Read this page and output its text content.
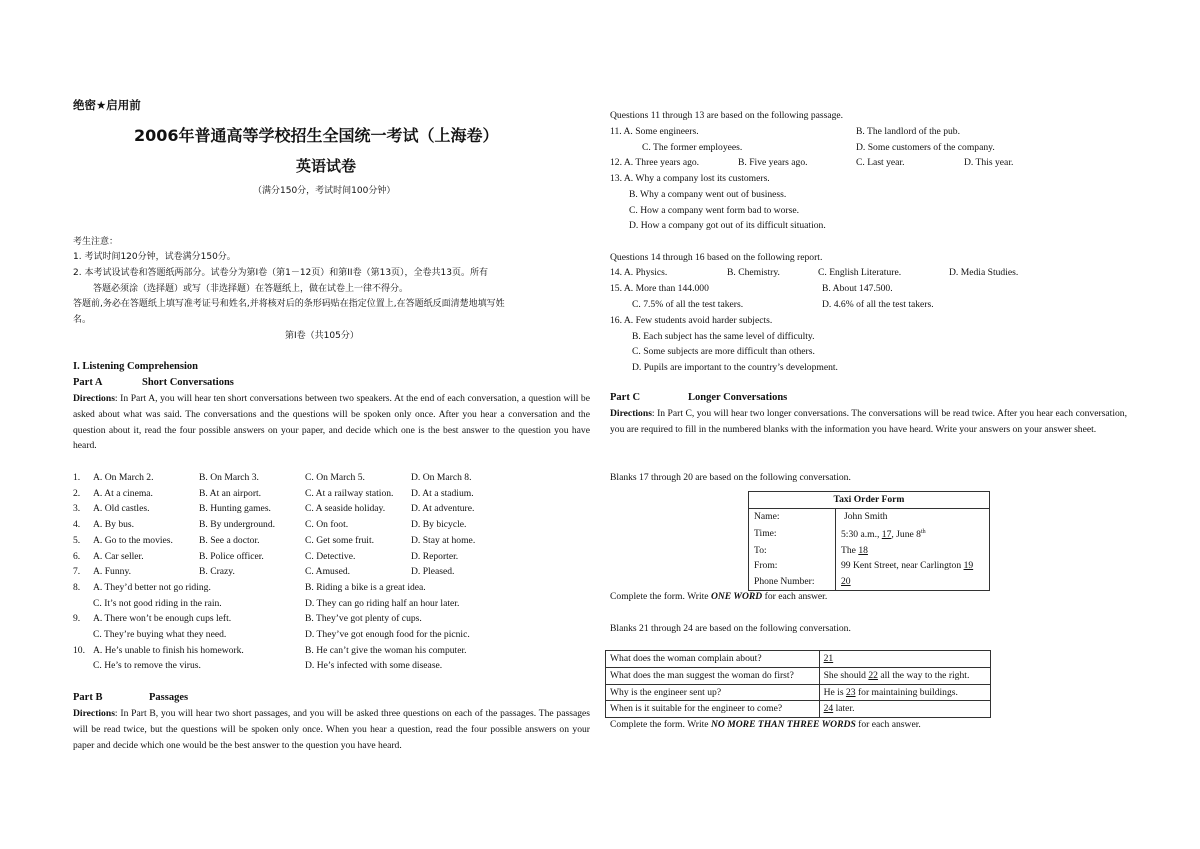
绝密★启用前
2006年普通高等学校招生全国统一考试（上海卷）
英语试卷
（满分150分，考试时间100分钟）
考生注意：
1. 考试时间120分钟，试卷满分150分。
2. 本考试设试卷和答题纸两部分。试卷分为第I卷（第1－12页）和第II卷（第13页），全卷共13页。所有
答题必须涂（选择题）或写（非选择题）在答题纸上，做在试卷上一律不得分。
答题前,务必在答题纸上填写准考证号和姓名,并将核对后的条形码贴在指定位置上,在答题纸反面清楚地填写姓
名。
第I卷（共105分）
I. Listening Comprehension
Part A	Short Conversations
Directions: In Part A, you will hear ten short conversations between two speakers. At the end of each conversation, a question will be asked about what was said. The conversations and the questions will be spoken only once. After you hear a conversation and the question about it, read the four possible answers on your paper, and decide which one is the best answer to the question you have heard.
1. A. On March 2.	B. On March 3.	C. On March 5.	D. On March 8.
2. A. At a cinema.	B. At an airport.	C. At a railway station. D. At a stadium.
3. A. Old castles.	B. Hunting games.	C. A seaside holiday.	D. At adventure.
4. A. By bus.	B. By underground.	C. On foot.	D. By bicycle.
5. A. Go to the movies.	B. See a doctor.	C. Get some fruit.	D. Stay at home.
6. A. Car seller.	B. Police officer.	C. Detective.	D. Reporter.
7. A. Funny.	B. Crazy.	C. Amused.	D. Pleased.
8. A. They’d better not go riding.	B. Riding a bike is a great idea.
C. It’s not good riding in the rain.	D. They can go riding half an hour later.
9. A. There won’t be enough cups left.	B. They’ve got plenty of cups.
C. They’re buying what they need.	D. They’ve got enough food for the picnic.
10. A. He’s unable to finish his homework.	B. He can’t give the woman his computer.
C. He’s to remove the virus.	D. He’s infected with some disease.
Part B	Passages
Directions: In Part B, you will hear two short passages, and you will be asked three questions on each of the passages. The passages will be read twice, but the questions will be spoken only once. When you hear a question, read the four possible answers on your paper and decide which one would be the best answer to the question you have heard.
Questions 11 through 13 are based on the following passage.
11. A. Some engineers.	B. The landlord of the pub.
C. The former employees.	D. Some customers of the company.
12. A. Three years ago.	B. Five years ago.	C. Last year.	D. This year.
13. A. Why a company lost its customers.
B. Why a company went out of business.
C. How a company went form bad to worse.
D. How a company got out of its difficult situation.
Questions 14 through 16 based on the following report.
14. A. Physics.	B. Chemistry.	C. English Literature.	D. Media Studies.
15. A. More than 144.000	B. About 147.500.
C. 7.5% of all the test takers.	D. 4.6% of all the test takers.
16. A. Few students avoid harder subjects.
B. Each subject has the same level of difficulty.
C. Some subjects are more difficult than others.
D. Pupils are important to the country’s development.
Part C	Longer Conversations
Directions: In Part C, you will hear two longer conversations. The conversations will be read twice. After you hear each conversation, you are required to fill in the numbered blanks with the information you have heard. Write your answers on your answer sheet.
Blanks 17 through 20 are based on the following conversation.
Taxi Order Form	
Name:	John Smith
Time:	5:30 a.m., 17, June 8th
To:	The 18
From:	99 Kent Street, near Carlington 19
Phone Number:	20
Complete the form. Write ONE WORD for each answer.
Blanks 21 through 24 are based on the following conversation.
What does the woman complain about?	21
What does the man suggest the woman do first?	She should 22 all the way to the right.
Why is the engineer sent up?	He is 23 for maintaining buildings.
When is it suitable for the engineer to come?	24 later.
Complete the form. Write NO MORE THAN THREE WORDS for each answer.
